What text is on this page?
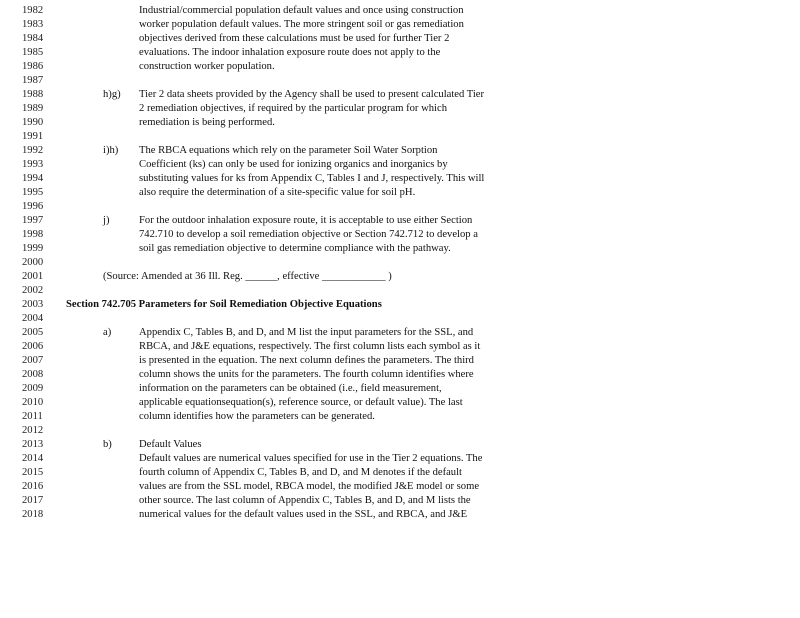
1982	Industrial/commercial population default values and once using construction
1983	worker population default values. The more stringent soil or gas remediation
1984	objectives derived from these calculations must be used for further Tier 2
1985	evaluations. The indoor inhalation exposure route does not apply to the
1986	construction worker population.
1987
1988	h)g) Tier 2 data sheets provided by the Agency shall be used to present calculated Tier
1989	2 remediation objectives, if required by the particular program for which
1990	remediation is being performed.
1991
1992	i)h) The RBCA equations which rely on the parameter Soil Water Sorption
1993	Coefficient (ks) can only be used for ionizing organics and inorganics by
1994	substituting values for ks from Appendix C, Tables I and J, respectively. This will
1995	also require the determination of a site-specific value for soil pH.
1996
1997	j)	For the outdoor inhalation exposure route, it is acceptable to use either Section
1998	742.710 to develop a soil remediation objective or Section 742.712 to develop a
1999	soil gas remediation objective to determine compliance with the pathway.
2000
2001	(Source: Amended at 36 Ill. Reg. ______, effective ____________ )
2002
2003	Section 742.705 Parameters for Soil Remediation Objective Equations
2004
2005	a)	Appendix C, Tables B, and D, and M list the input parameters for the SSL, and
2006	RBCA, and J&E equations, respectively. The first column lists each symbol as it
2007	is presented in the equation. The next column defines the parameters. The third
2008	column shows the units for the parameters. The fourth column identifies where
2009	information on the parameters can be obtained (i.e., field measurement,
2010	applicable equationsequation(s), reference source, or default value). The last
2011	column identifies how the parameters can be generated.
2012
2013	b)	Default Values
2014	Default values are numerical values specified for use in the Tier 2 equations. The
2015	fourth column of Appendix C, Tables B, and D, and M denotes if the default
2016	values are from the SSL model, RBCA model, the modified J&E model or some
2017	other source. The last column of Appendix C, Tables B, and D, and M lists the
2018	numerical values for the default values used in the SSL, and RBCA, and J&E
